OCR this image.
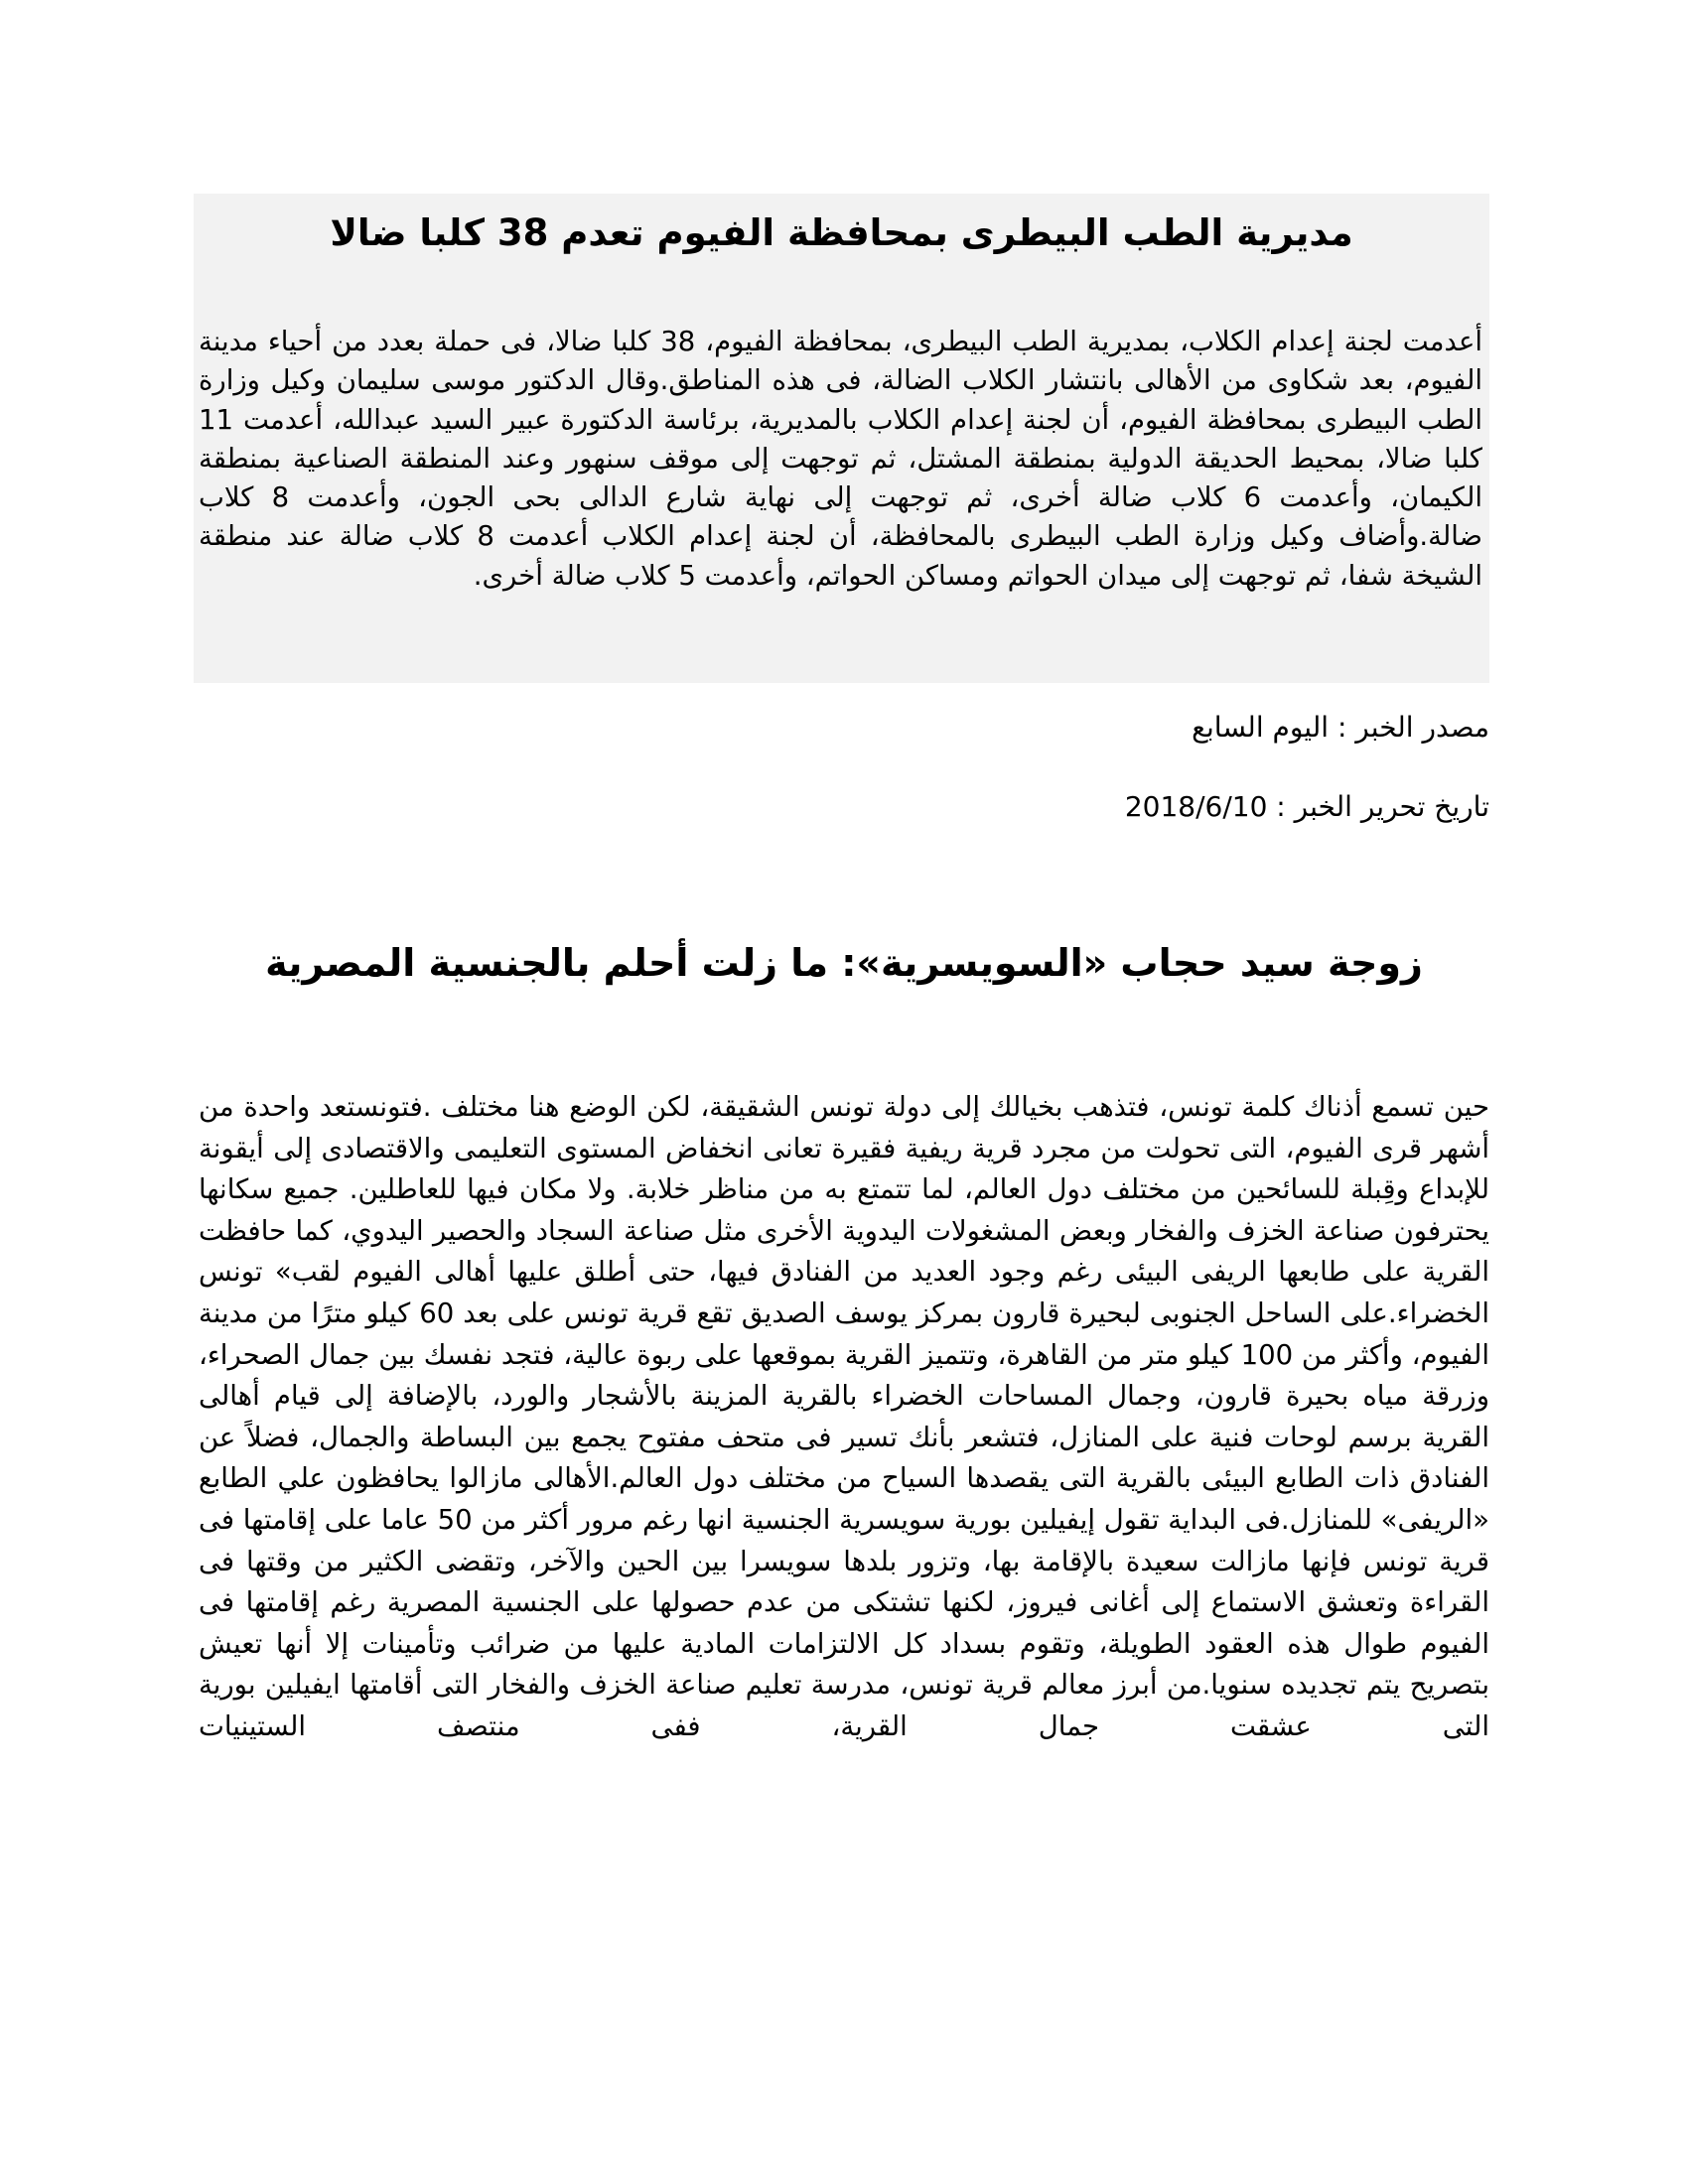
مديرية الطب البيطرى بمحافظة الفيوم تعدم 38 كلبا ضالا

أعدمت لجنة إعدام الكلاب، بمديرية الطب البيطرى، بمحافظة الفيوم، 38 كلبا ضالا، فى حملة بعدد من أحياء مدينة الفيوم، بعد شكاوى من الأهالى بانتشار الكلاب الضالة، فى هذه المناطق.وقال الدكتور موسى سليمان وكيل وزارة الطب البيطرى بمحافظة الفيوم، أن لجنة إعدام الكلاب بالمديرية، برئاسة الدكتورة عبير السيد عبدالله، أعدمت 11 كلبا ضالا، بمحيط الحديقة الدولية بمنطقة المشتل، ثم توجهت إلى موقف سنهور وعند المنطقة الصناعية بمنطقة الكيمان، وأعدمت 6 كلاب ضالة أخرى، ثم توجهت إلى نهاية شارع الدالى بحى الجون، وأعدمت 8 كلاب ضالة.وأضاف وكيل وزارة الطب البيطرى بالمحافظة، أن لجنة إعدام الكلاب أعدمت 8 كلاب ضالة عند منطقة الشيخة شفا، ثم توجهت إلى ميدان الحواتم ومساكن الحواتم، وأعدمت 5 كلاب ضالة أخرى.

مصدر الخبر : اليوم السابع

تاريخ تحرير الخبر : 2018/6/10

زوجة سيد حجاب «السويسرية»: ما زلت أحلم بالجنسية المصرية

حين تسمع أذناك كلمة تونس، فتذهب بخيالك إلى دولة تونس الشقيقة، لكن الوضع هنا مختلف .فتونستعد واحدة من أشهر قرى الفيوم، التى تحولت من مجرد قرية ريفية فقيرة تعانى انخفاض المستوى التعليمى والاقتصادى إلى أيقونة للإبداع وقِبلة للسائحين من مختلف دول العالم، لما تتمتع به من مناظر خلابة. ولا مكان فيها للعاطلين. جميع سكانها يحترفون صناعة الخزف والفخار وبعض المشغولات اليدوية الأخرى مثل صناعة السجاد والحصير اليدوي، كما حافظت القرية على طابعها الريفى البيئى رغم وجود العديد من الفنادق فيها، حتى أطلق عليها أهالى الفيوم لقب» تونس الخضراء.على الساحل الجنوبى لبحيرة قارون بمركز يوسف الصديق تقع قرية تونس على بعد 60 كيلو مترًا من مدينة الفيوم، وأكثر من 100 كيلو متر من القاهرة، وتتميز القرية بموقعها على ربوة عالية، فتجد نفسك بين جمال الصحراء، وزرقة مياه بحيرة قارون، وجمال المساحات الخضراء بالقرية المزينة بالأشجار والورد، بالإضافة إلى قيام أهالى القرية برسم لوحات فنية على المنازل، فتشعر بأنك تسير فى متحف مفتوح يجمع بين البساطة والجمال، فضلاً عن الفنادق ذات الطابع البيئى بالقرية التى يقصدها السياح من مختلف دول العالم.الأهالى مازالوا يحافظون علي الطابع «الريفى» للمنازل.فى البداية تقول إيفيلين بورية سويسرية الجنسية انها رغم مرور أكثر من 50 عاما على إقامتها فى قرية تونس فإنها مازالت سعيدة بالإقامة بها، وتزور بلدها سويسرا بين الحين والآخر، وتقضى الكثير من وقتها فى القراءة وتعشق الاستماع إلى أغانى فيروز، لكنها تشتكى من عدم حصولها على الجنسية المصرية رغم إقامتها فى الفيوم طوال هذه العقود الطويلة، وتقوم بسداد كل الالتزامات المادية عليها من ضرائب وتأمينات إلا أنها تعيش بتصريح يتم تجديده سنويا.من أبرز معالم قرية تونس، مدرسة تعليم صناعة الخزف والفخار التى أقامتها ايفيلين بورية التى عشقت جمال القرية، ففى منتصف الستينيات
